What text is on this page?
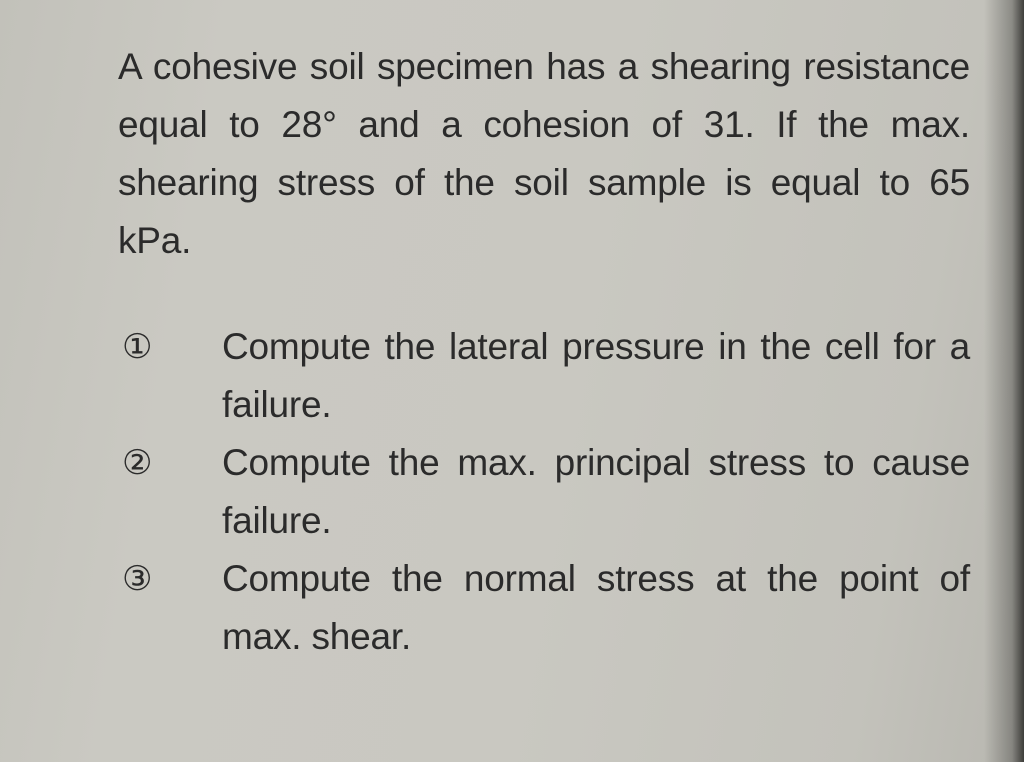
A cohesive soil specimen has a shearing resistance equal to 28° and a cohesion of 31. If the max. shearing stress of the soil sample is equal to 65 kPa.

①	Compute the lateral pressure in the cell for a failure.
②	Compute the max. principal stress to cause failure.
③	Compute the normal stress at the point of max. shear.
